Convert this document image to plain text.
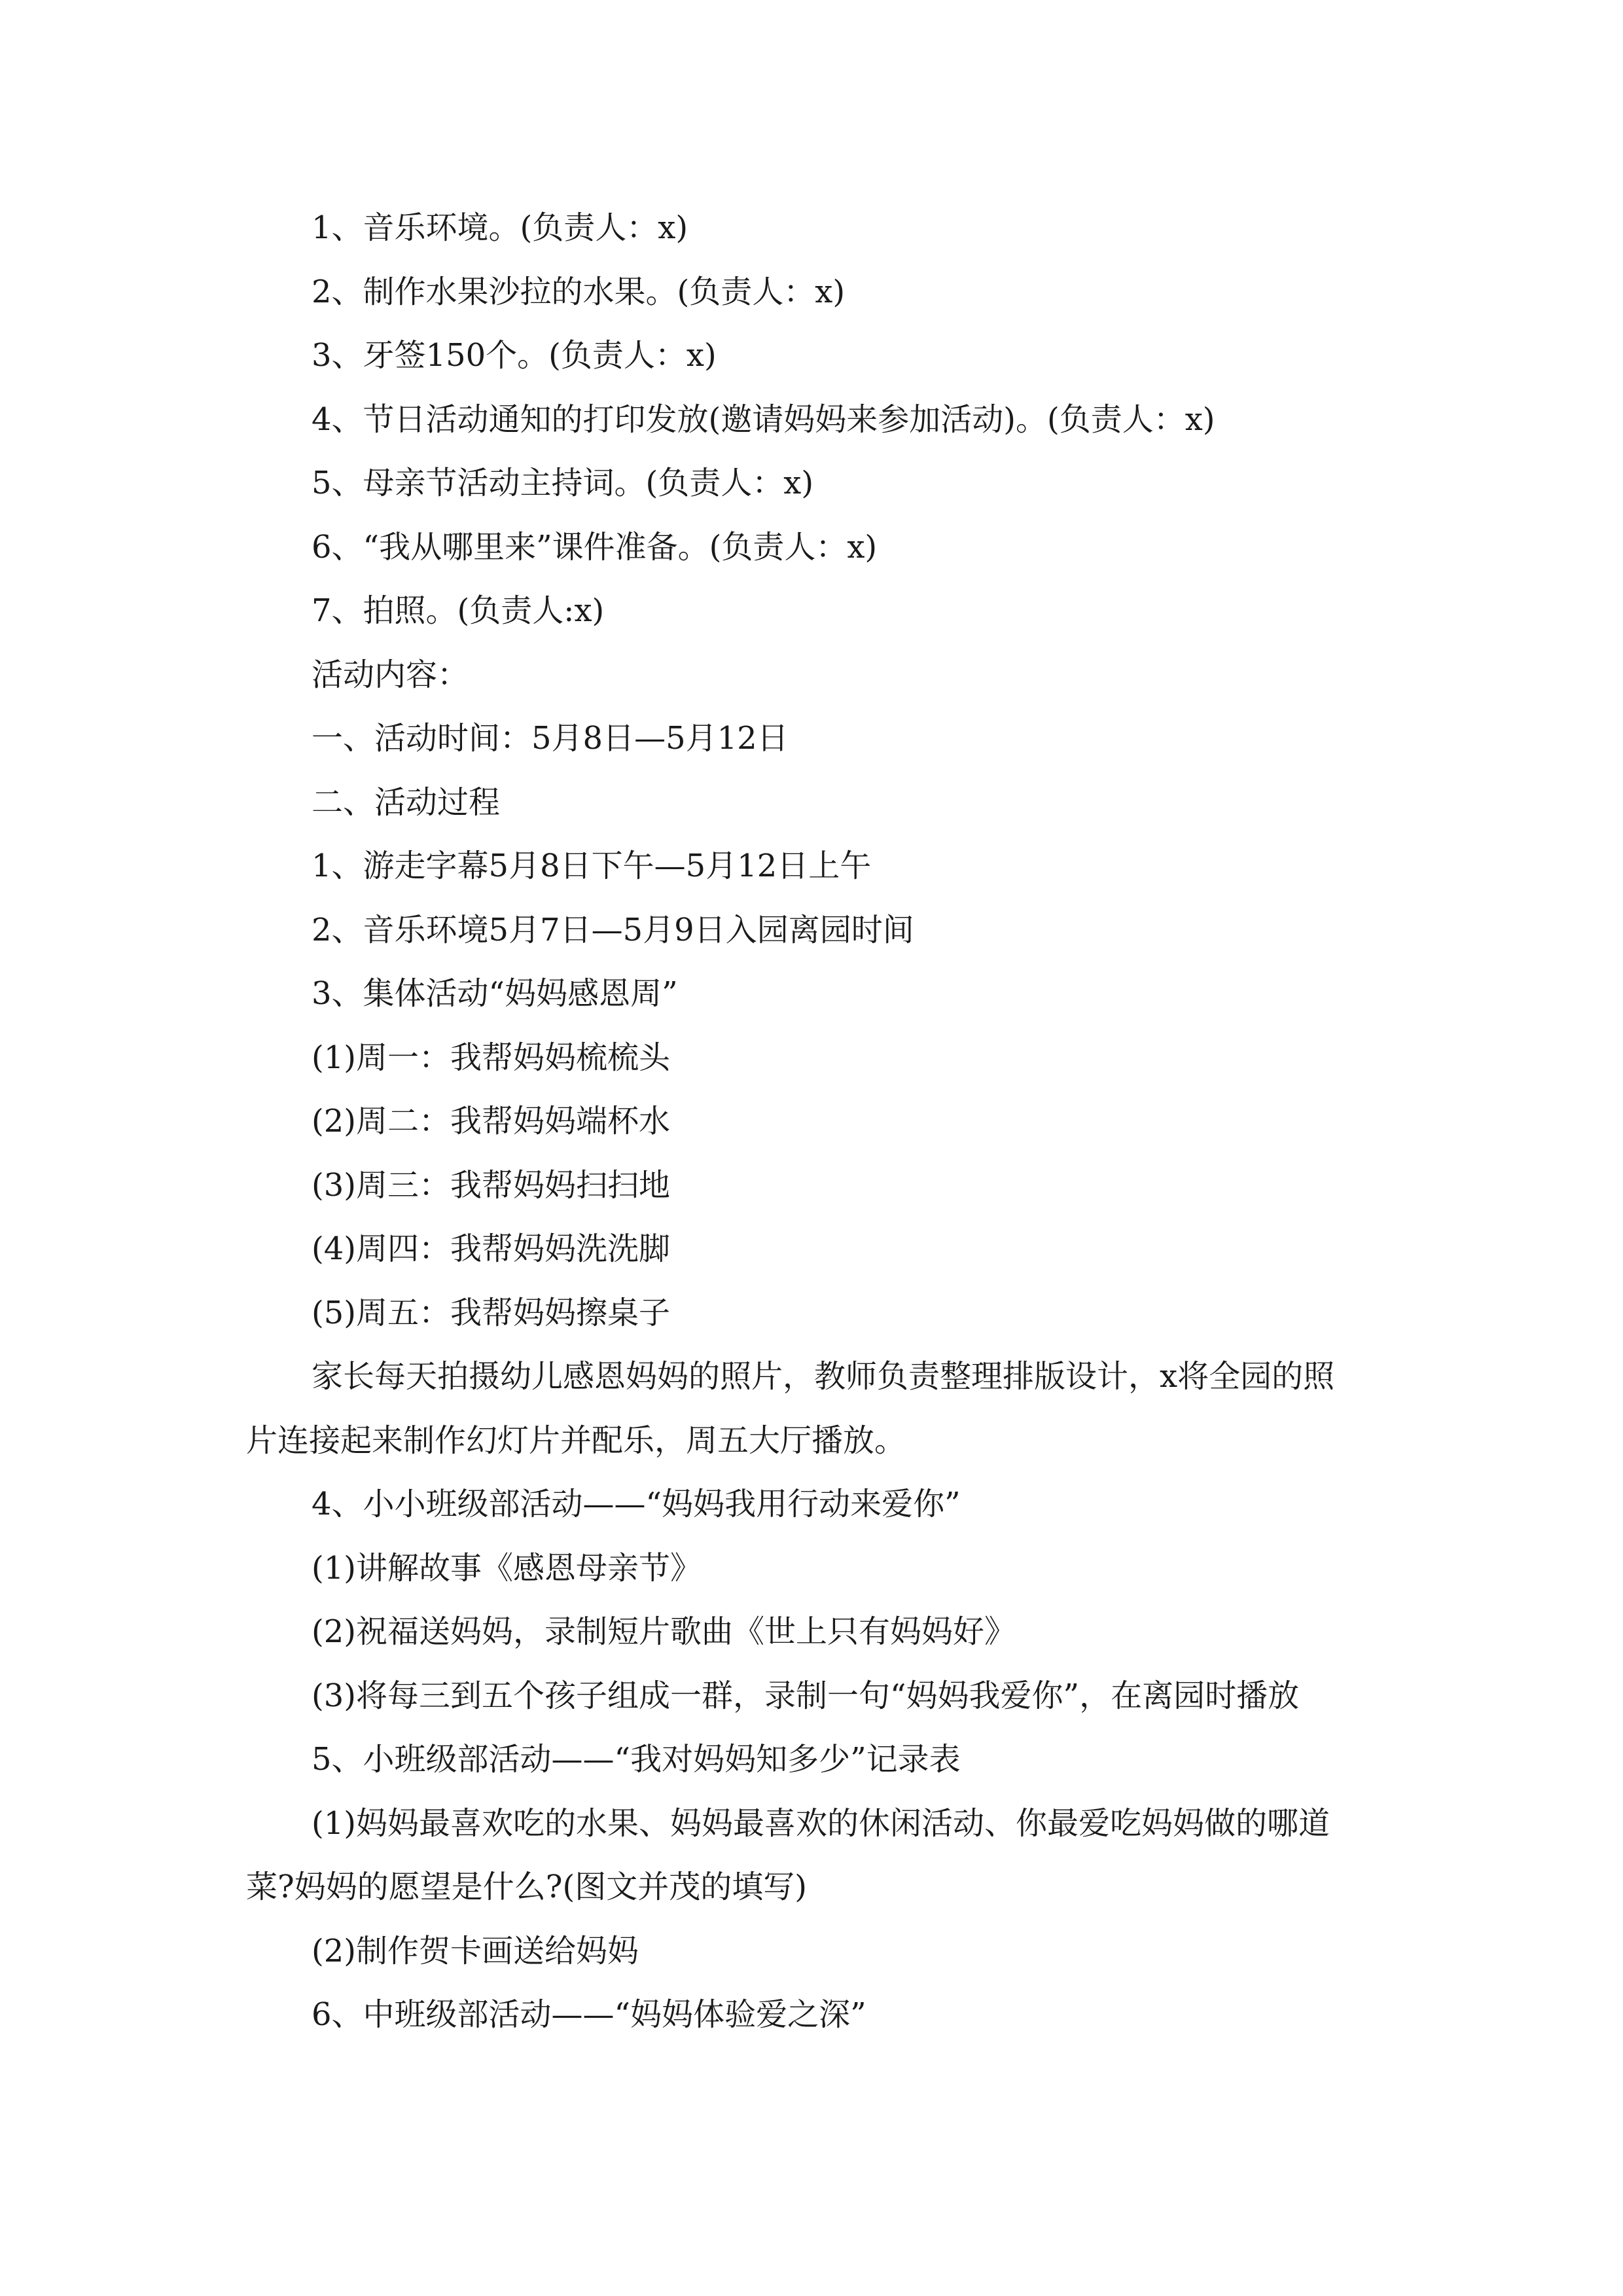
1、音乐环境。(负责人：x)
2、制作水果沙拉的水果。(负责人：x)
3、牙签150个。(负责人：x)
4、节日活动通知的打印发放(邀请妈妈来参加活动)。(负责人：x)
5、母亲节活动主持词。(负责人：x)
6、“我从哪里来”课件准备。(负责人：x)
7、拍照。(负责人:x)
活动内容：
一、活动时间：5月8日—5月12日
二、活动过程
1、游走字幕5月8日下午—5月12日上午
2、音乐环境5月7日—5月9日入园离园时间
3、集体活动“妈妈感恩周”
(1)周一：我帮妈妈梳梳头
(2)周二：我帮妈妈端杯水
(3)周三：我帮妈妈扫扫地
(4)周四：我帮妈妈洗洗脚
(5)周五：我帮妈妈擦桌子
家长每天拍摄幼儿感恩妈妈的照片，教师负责整理排版设计，x将全园的照
片连接起来制作幻灯片并配乐，周五大厅播放。
4、小小班级部活动——“妈妈我用行动来爱你”
(1)讲解故事《感恩母亲节》
(2)祝福送妈妈，录制短片歌曲《世上只有妈妈好》
(3)将每三到五个孩子组成一群，录制一句“妈妈我爱你”，在离园时播放
5、小班级部活动——“我对妈妈知多少”记录表
(1)妈妈最喜欢吃的水果、妈妈最喜欢的休闲活动、你最爱吃妈妈做的哪道
菜?妈妈的愿望是什么?(图文并茂的填写)
(2)制作贺卡画送给妈妈
6、中班级部活动——“妈妈体验爱之深”
